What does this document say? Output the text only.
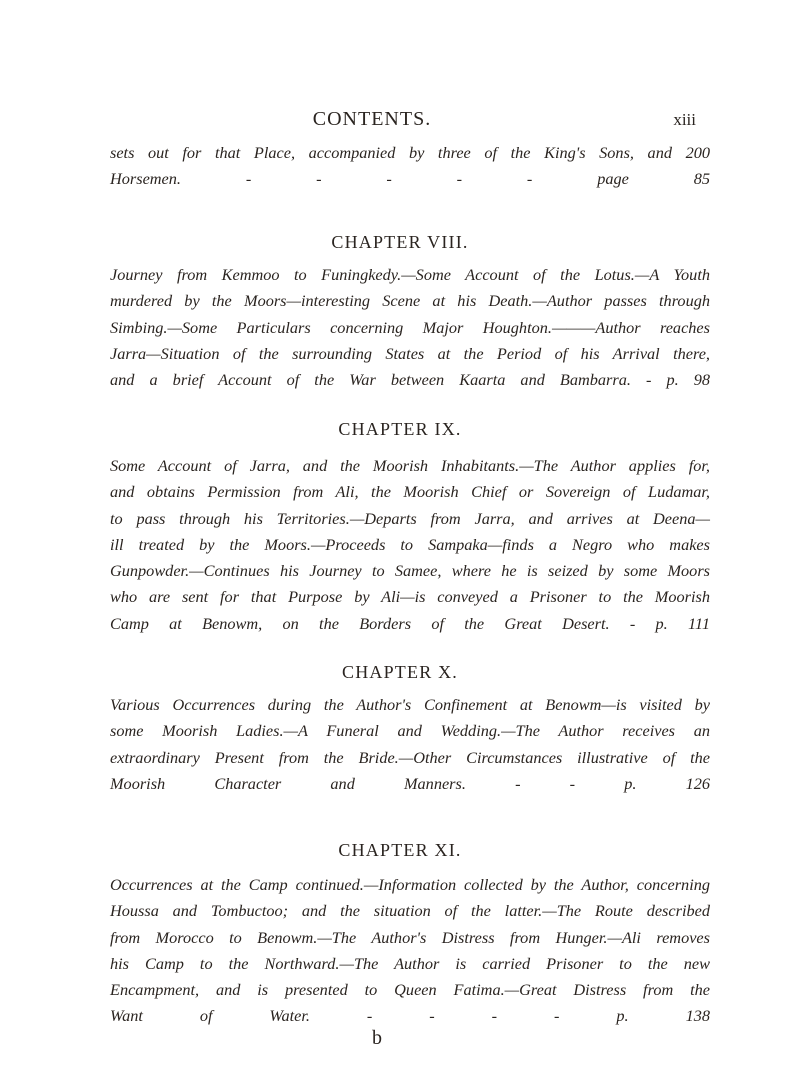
CONTENTS.	xiii

sets out for that Place, accompanied by three of the King's Sons, and 200

Horsemen. - - - - - page 85

CHAPTER VIII.

Journey from Kemmoo to Funingkedy.—Some Account of the Lotus.—A Youth

murdered by the Moors—interesting Scene at his Death.—Author passes through

Simbing.—Some Particulars concerning Major Houghton.———Author reaches

Jarra—Situation of the surrounding States at the Period of his Arrival there,

and a brief Account of the War between Kaarta and Bambarra. - p. 98

CHAPTER IX.

Some Account of Jarra, and the Moorish Inhabitants.—The Author applies for,

and obtains Permission from Ali, the Moorish Chief or Sovereign of Ludamar,

to pass through his Territories.—Departs from Jarra, and arrives at Deena—

ill treated by the Moors.—Proceeds to Sampaka—finds a Negro who makes

Gunpowder.—Continues his Journey to Samee, where he is seized by some Moors

who are sent for that Purpose by Ali—is conveyed a Prisoner to the Moorish

Camp at Benowm, on the Borders of the Great Desert. - p. 111

CHAPTER X.

Various Occurrences during the Author's Confinement at Benowm—is visited by

some Moorish Ladies.—A Funeral and Wedding.—The Author receives an

extraordinary Present from the Bride.—Other Circumstances illustrative of the

Moorish Character and Manners. - - p. 126

CHAPTER XI.

Occurrences at the Camp continued.—Information collected by the Author, concerning

Houssa and Tombuctoo; and the situation of the latter.—The Route described

from Morocco to Benowm.—The Author's Distress from Hunger.—Ali removes

his Camp to the Northward.—The Author is carried Prisoner to the new

Encampment, and is presented to Queen Fatima.—Great Distress from the

Want of Water. - - - - p. 138

b
